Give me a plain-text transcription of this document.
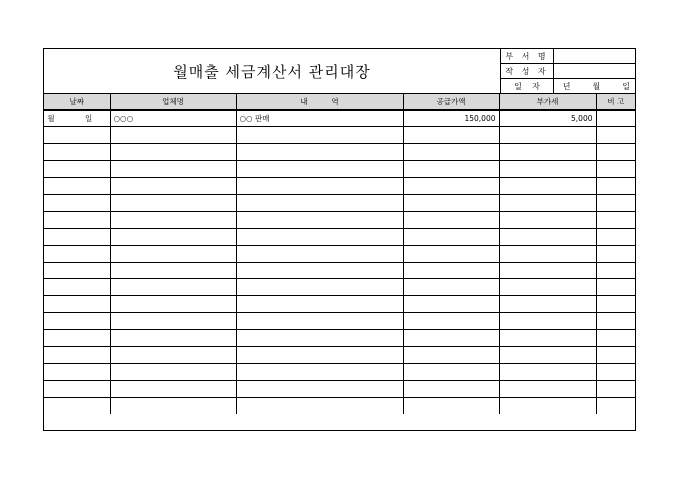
월매출 세금계산서 관리대장
부 서 명
작 성 자
일    자	년	월	일
날짜	업체명	내          역	공급가액	부가세	비 고
월 일	○○○	○○ 판매	150,000	5,000	
